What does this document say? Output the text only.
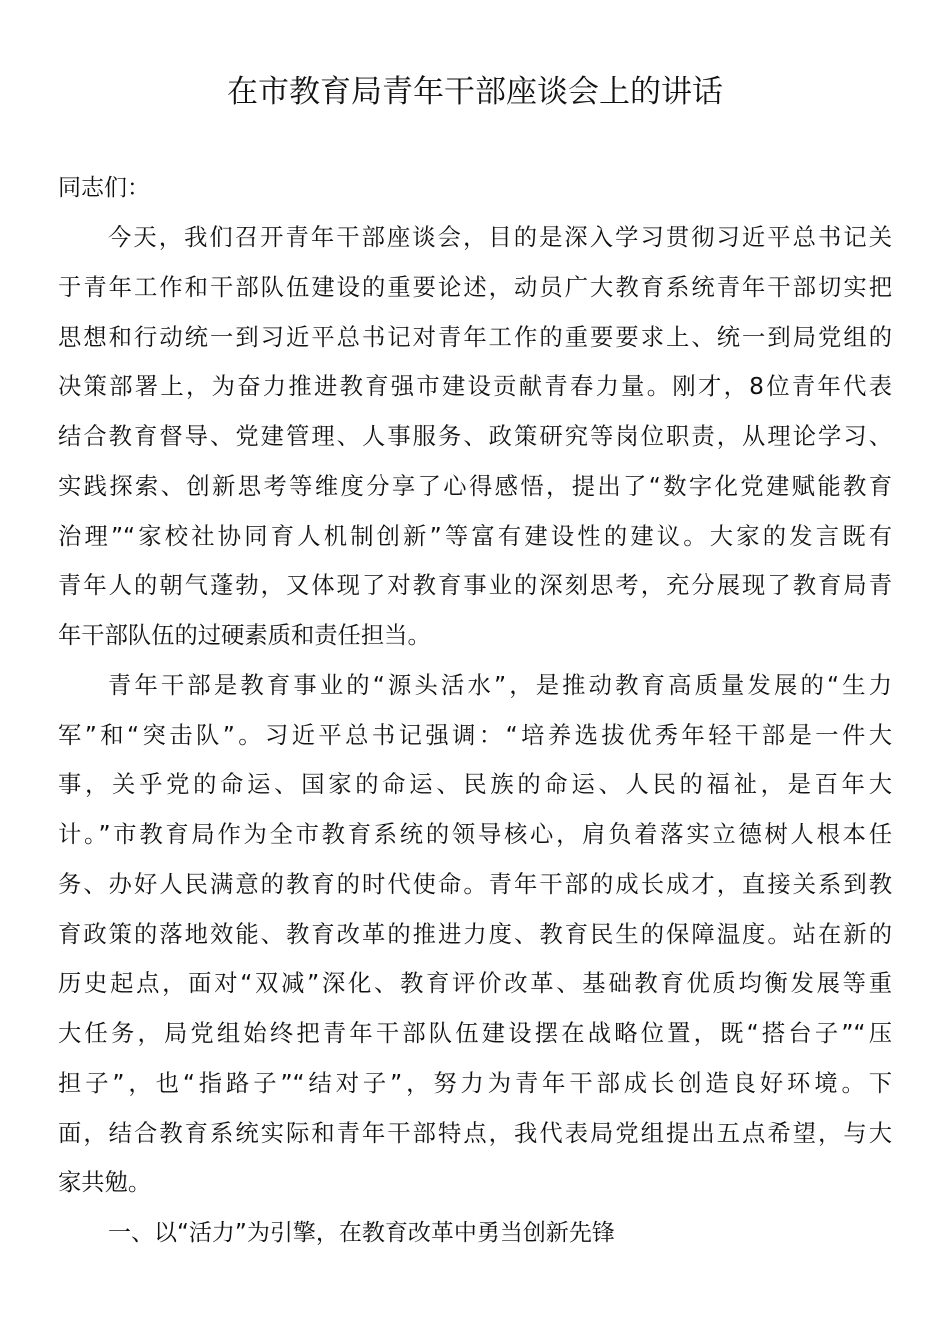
在市教育局青年干部座谈会上的讲话
同志们：
今天，我们召开青年干部座谈会，目的是深入学习贯彻习近平总书记关
于青年工作和干部队伍建设的重要论述，动员广大教育系统青年干部切实把
思想和行动统一到习近平总书记对青年工作的重要要求上、统一到局党组的
决策部署上，为奋力推进教育强市建设贡献青春力量。刚才，8位青年代表
结合教育督导、党建管理、人事服务、政策研究等岗位职责，从理论学习、
实践探索、创新思考等维度分享了心得感悟，提出了“数字化党建赋能教育
治理”“家校社协同育人机制创新”等富有建设性的建议。大家的发言既有
青年人的朝气蓬勃，又体现了对教育事业的深刻思考，充分展现了教育局青
年干部队伍的过硬素质和责任担当。
青年干部是教育事业的“源头活水”，是推动教育高质量发展的“生力
军”和“突击队”。习近平总书记强调：“培养选拔优秀年轻干部是一件大
事，关乎党的命运、国家的命运、民族的命运、人民的福祉，是百年大
计。”市教育局作为全市教育系统的领导核心，肩负着落实立德树人根本任
务、办好人民满意的教育的时代使命。青年干部的成长成才，直接关系到教
育政策的落地效能、教育改革的推进力度、教育民生的保障温度。站在新的
历史起点，面对“双减”深化、教育评价改革、基础教育优质均衡发展等重
大任务，局党组始终把青年干部队伍建设摆在战略位置，既“搭台子”“压
担子”，也“指路子”“结对子”，努力为青年干部成长创造良好环境。下
面，结合教育系统实际和青年干部特点，我代表局党组提出五点希望，与大
家共勉。
一、以“活力”为引擎，在教育改革中勇当创新先锋
